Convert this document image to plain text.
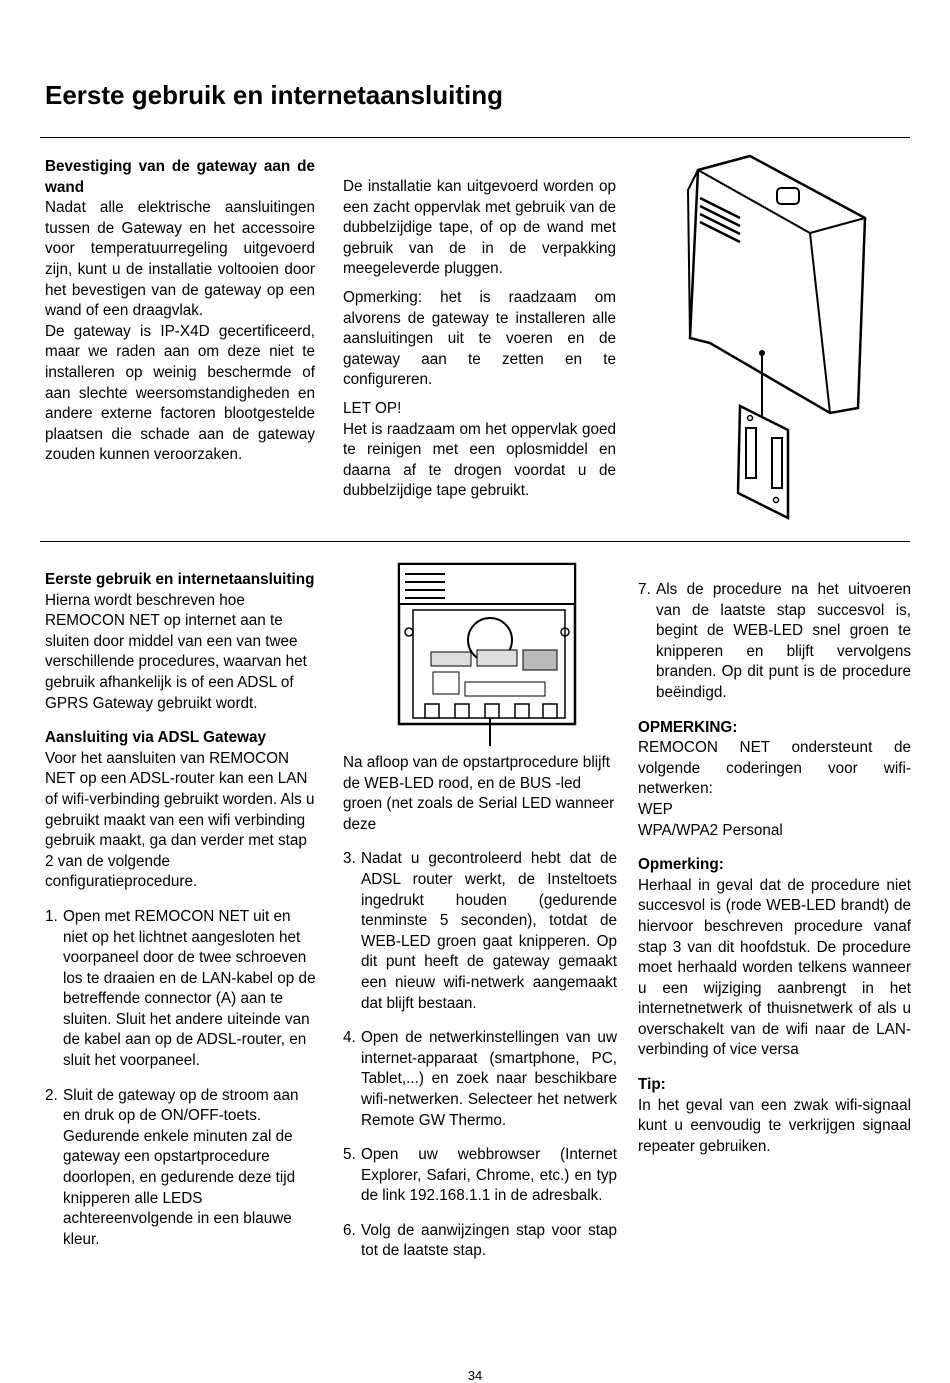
Eerste gebruik en internetaansluiting

Bevestiging van de gateway aan de wand

Nadat alle elektrische aansluitingen tussen de Gateway en het accessoire voor temperatuurregeling uitgevoerd zijn, kunt u de installatie voltooien door het bevestigen van de gateway op een wand of een draagvlak.

De gateway is IP-X4D gecertificeerd, maar we raden aan om deze niet te installeren op weinig beschermde of aan slechte weersomstandigheden en andere externe factoren blootgestelde plaatsen die schade aan de gateway zouden kunnen veroorzaken.

De installatie kan uitgevoerd worden op een zacht oppervlak met gebruik van de dubbelzijdige tape, of op de wand met gebruik van de in de verpakking meegeleverde pluggen.

Opmerking: het is raadzaam om alvorens de gateway te installeren alle aansluitingen uit te voeren en de gateway aan te zetten en te configureren.

LET OP!

Het is raadzaam om het oppervlak goed te reinigen met een oplosmiddel en daarna af te drogen voordat u de dubbelzijdige tape gebruikt.

Eerste gebruik en internetaansluiting

Hierna wordt beschreven hoe REMOCON NET op internet aan te sluiten door middel van een van twee verschillende procedures, waarvan het gebruik afhankelijk is of een ADSL of GPRS Gateway gebruikt wordt.

Aansluiting via ADSL Gateway

Voor het aansluiten van REMOCON NET op een ADSL-router kan een LAN of wifi-verbinding gebruikt worden. Als u gebruikt maakt van een wifi verbinding gebruik maakt, ga dan verder met stap 2 van de volgende configuratieprocedure.

1. Open met REMOCON NET uit en niet op het lichtnet aangesloten het voorpaneel door de twee schroeven los te draaien en de LAN-kabel op de betreffende connector (A) aan te sluiten. Sluit het andere uiteinde van de kabel aan op de ADSL-router, en sluit het voorpaneel.
2. Sluit de gateway op de stroom aan en druk op de ON/OFF-toets. Gedurende enkele minuten zal de gateway een opstartprocedure doorlopen, en gedurende deze tijd knipperen alle LEDS achtereenvolgende in een blauwe kleur.

Na afloop van de opstartprocedure blijft de WEB-LED rood, en de BUS -led groen (net zoals de Serial LED wanneer deze

3. Nadat u gecontroleerd hebt dat de ADSL router werkt, de Insteltoets ingedrukt houden (gedurende tenminste 5 seconden), totdat de WEB-LED groen gaat knipperen. Op dit punt heeft de gateway gemaakt een nieuw wifi-netwerk aangemaakt dat blijft bestaan.
4. Open de netwerkinstellingen van uw internet-apparaat (smartphone, PC, Tablet,...) en zoek naar beschikbare wifi-netwerken. Selecteer het netwerk Remote GW Thermo.
5. Open uw webbrowser (Internet Explorer, Safari, Chrome, etc.) en typ de link 192.168.1.1 in de adresbalk.
6. Volg de aanwijzingen stap voor stap tot de laatste stap.
7. Als de procedure na het uitvoeren van de laatste stap succesvol is, begint de WEB-LED snel groen te knipperen en blijft vervolgens branden. Op dit punt is de procedure beëindigd.

OPMERKING:

REMOCON NET ondersteunt de volgende coderingen voor wifi-netwerken:

WEP

WPA/WPA2 Personal

Opmerking:

Herhaal in geval dat de procedure niet succesvol is (rode WEB-LED brandt) de hiervoor beschreven procedure vanaf stap 3 van dit hoofdstuk. De procedure moet herhaald worden telkens wanneer u een wijziging aanbrengt in het internetnetwerk of thuisnetwerk of als u overschakelt van de wifi naar de LAN-verbinding of vice versa

Tip:

In het geval van een zwak wifi-signaal kunt u eenvoudig te verkrijgen signaal repeater gebruiken.

34
